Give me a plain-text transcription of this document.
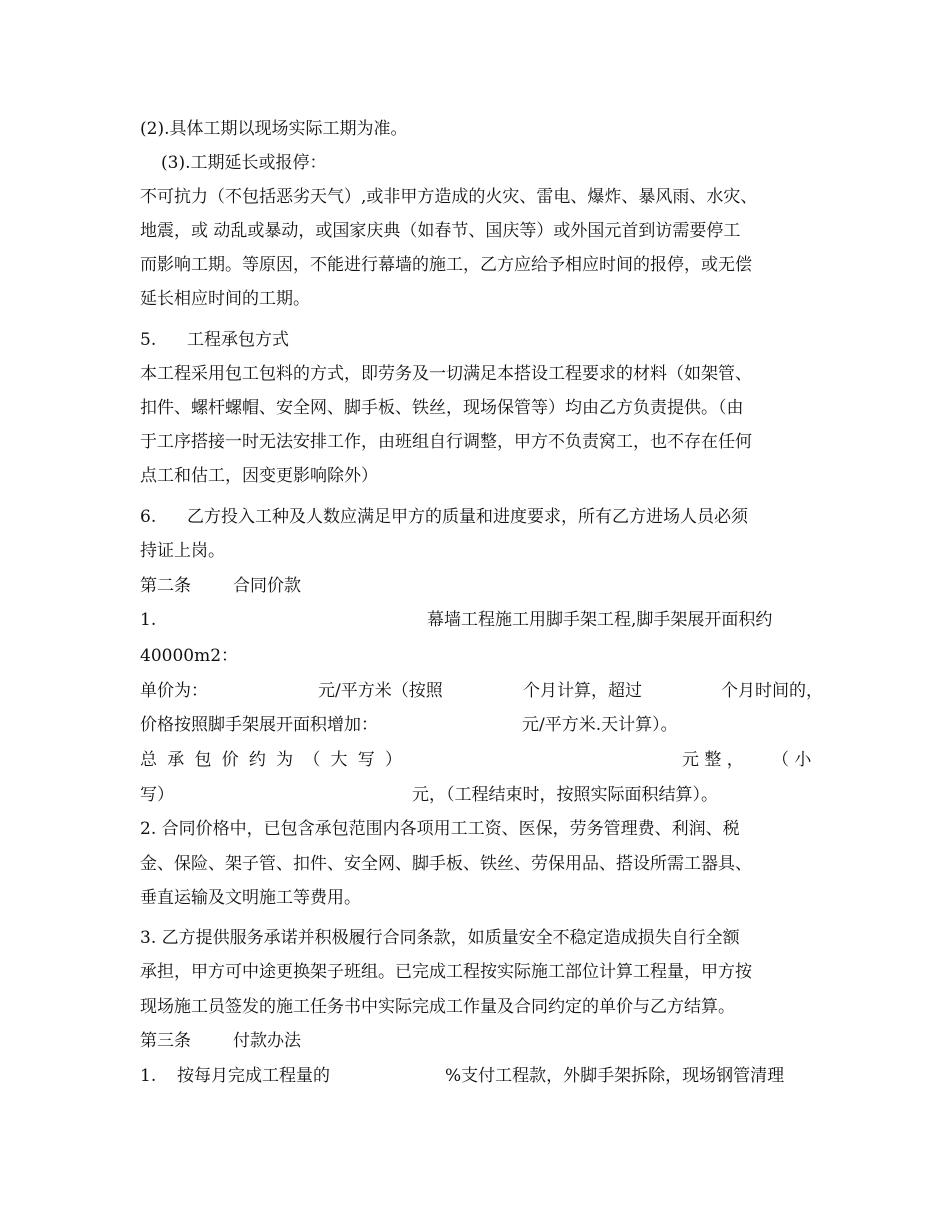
(2).具体工期以现场实际工期为准。
(3).工期延长或报停：
不可抗力（不包括恶劣天气）,或非甲方造成的火灾、雷电、爆炸、暴风雨、水灾、
地震，或 动乱或暴动，或国家庆典（如春节、国庆等）或外国元首到访需要停工
而影响工期。等原因，不能进行幕墙的施工，乙方应给予相应时间的报停，或无偿
延长相应时间的工期。
5. 工程承包方式
本工程采用包工包料的方式，即劳务及一切满足本搭设工程要求的材料（如架管、
扣件、螺杆螺帽、安全网、脚手板、铁丝，现场保管等）均由乙方负责提供。（由
于工序搭接一时无法安排工作，由班组自行调整，甲方不负责窝工，也不存在任何
点工和估工，因变更影响除外）
6. 乙方投入工种及人数应满足甲方的质量和进度要求，所有乙方进场人员必须
持证上岗。
第二条 合同价款
1.	幕墙工程施工用脚手架工程,脚手架展开面积约
40000m2：
单价为：	元/平方米（按照	个月计算，超过	个月时间的，
价格按照脚手架展开面积增加：	元/平方米.天计算）。
总 承 包 价 约 为 （ 大 写 ）	元 整 ， （ 小
写）	元，（工程结束时，按照实际面积结算）。
2. 合同价格中，已包含承包范围内各项用工工资、医保，劳务管理费、利润、税
金、保险、架子管、扣件、安全网、脚手板、铁丝、劳保用品、搭设所需工器具、
垂直运输及文明施工等费用。
3. 乙方提供服务承诺并积极履行合同条款，如质量安全不稳定造成损失自行全额
承担，甲方可中途更换架子班组。已完成工程按实际施工部位计算工程量，甲方按
现场施工员签发的施工任务书中实际完成工作量及合同约定的单价与乙方结算。
第三条 付款办法
1. 按每月完成工程量的	%支付工程款，外脚手架拆除，现场钢管清理
